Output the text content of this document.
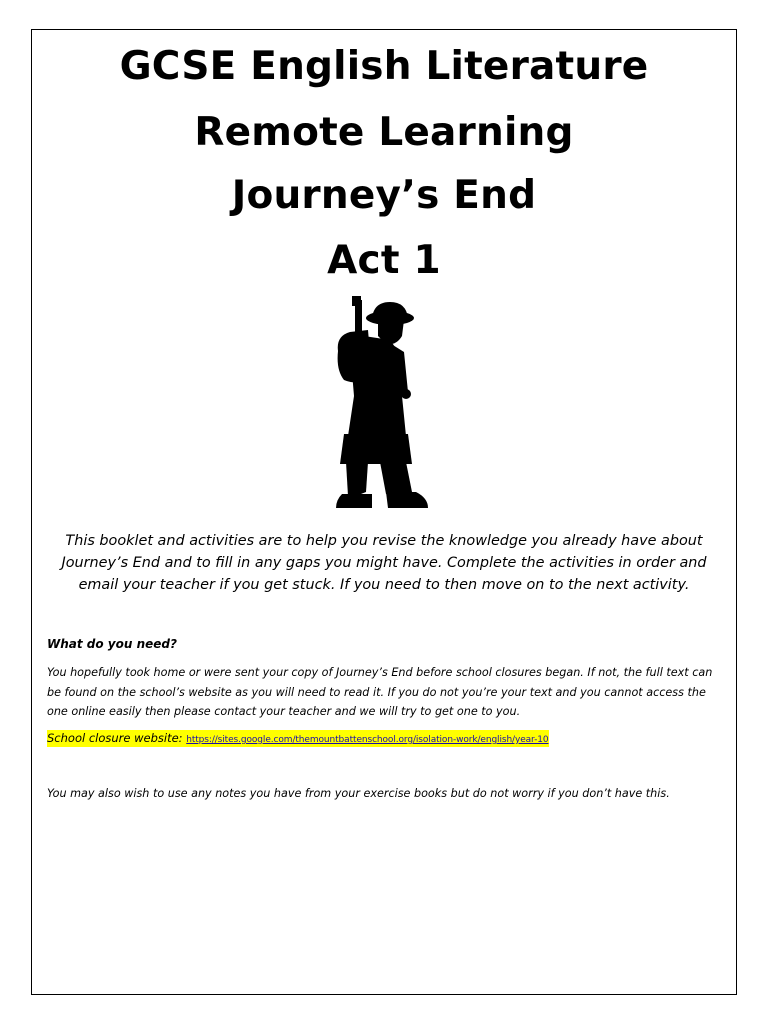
GCSE English Literature
Remote Learning
Journey’s End
Act 1
This booklet and activities are to help you revise the knowledge you already have about Journey’s End and to fill in any gaps you might have. Complete the activities in order and email your teacher if you get stuck. If you need to then move on to the next activity.
What do you need?
You hopefully took home or were sent your copy of Journey’s End before school closures began. If not, the full text can be found on the school’s website as you will need to read it. If you do not you’re your text and you cannot access the one online easily then please contact your teacher and we will try to get one to you.
School closure website: https://sites.google.com/themountbattenschool.org/isolation-work/english/year-10
You may also wish to use any notes you have from your exercise books but do not worry if you don’t have this.
